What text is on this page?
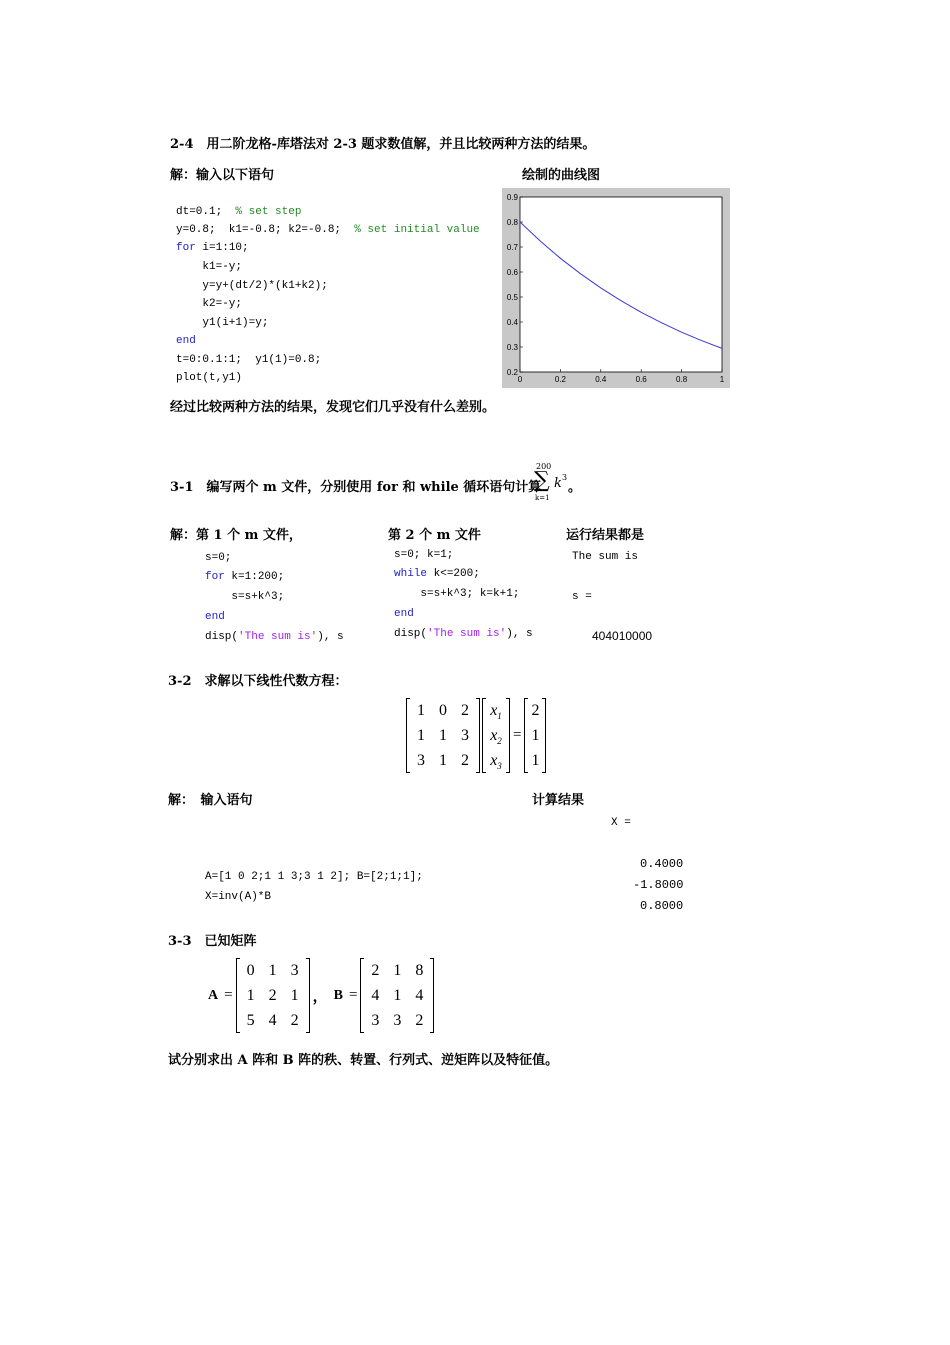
2-4　用二阶龙格-库塔法对 2-3 题求数值解，并且比较两种方法的结果。
解：输入以下语句	绘制的曲线图
dt=0.1;  % set step
y=0.8;  k1=-0.8; k2=-0.8;  % set initial value
for i=1:10;
k1=-y;
y=y+(dt/2)*(k1+k2);
k2=-y;
y1(i+1)=y;
end
t=0:0.1:1;  y1(1)=0.8;
plot(t,y1)	0.2
0.3
0.4
0.5
0.6
0.7
0.8
0.9
0	0.2	0.4	0.6	0.8	1
经过比较两种方法的结果，发现它们几乎没有什么差别。
3-1　编写两个 m 文件，分别使用 for 和 while 循环语句计算
200
∑
k=1
k 3
。
解：第 1 个 m 文件，	第 2 个 m 文件	运行结果都是
s=0;
for k=1:200;
s=s+k^3;
end
disp('The sum is'), s
s=0; k=1;
while k<=200;
s=s+k^3; k=k+1;
end
disp('The sum is'), s
The sum is
s =
404010000
3-2　求解以下线性代数方程：
1 0 2
1 1 3
3 1 2
$x_1$
$x_2$
$x_3$
=
2
1
1
解：　输入语句	计算结果
X =
A=[1 0 2;1 1 3;3 1 2]; B=[2;1;1];
X=inv(A)*B
0.4000
-1.8000
0.8000
3-3　已知矩阵
A =
0 1 3
1 2 1
5 4 2
， B =
2 1 8
4 1 4
3 3 2
试分别求出 A 阵和 B 阵的秩、转置、行列式、逆矩阵以及特征值。
